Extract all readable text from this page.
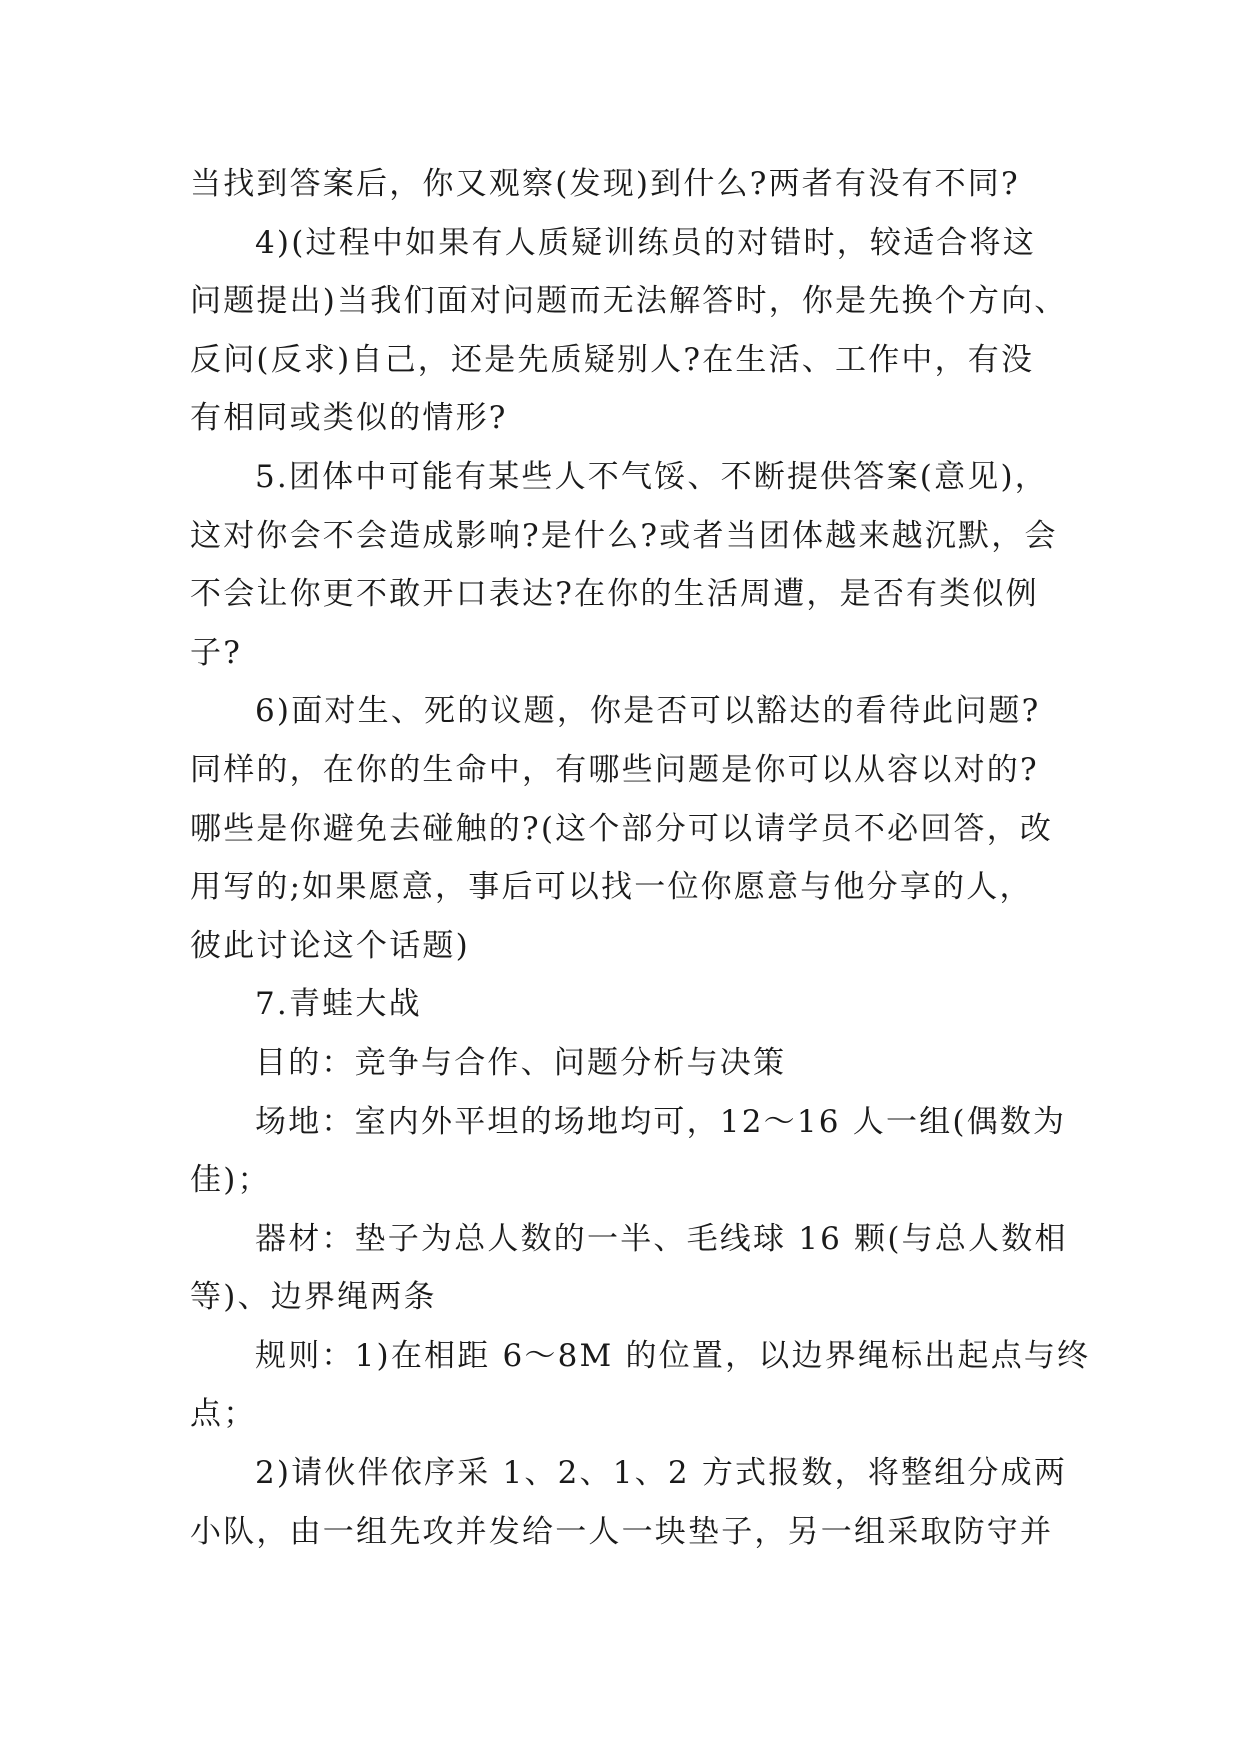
当找到答案后，你又观察(发现)到什么?两者有没有不同?
4)(过程中如果有人质疑训练员的对错时，较适合将这
问题提出)当我们面对问题而无法解答时，你是先换个方向、
反问(反求)自己，还是先质疑别人?在生活、工作中，有没
有相同或类似的情形?
5.团体中可能有某些人不气馁、不断提供答案(意见)，
这对你会不会造成影响?是什么?或者当团体越来越沉默，会
不会让你更不敢开口表达?在你的生活周遭，是否有类似例
子?
6)面对生、死的议题，你是否可以豁达的看待此问题?
同样的，在你的生命中，有哪些问题是你可以从容以对的?
哪些是你避免去碰触的?(这个部分可以请学员不必回答，改
用写的;如果愿意，事后可以找一位你愿意与他分享的人，
彼此讨论这个话题)
7.青蛙大战
目的：竞争与合作、问题分析与决策
场地：室内外平坦的场地均可，12～16 人一组(偶数为
佳)；
器材：垫子为总人数的一半、毛线球 16 颗(与总人数相
等)、边界绳两条
规则：1)在相距 6～8M 的位置，以边界绳标出起点与终
点；
2)请伙伴依序采 1、2、1、2 方式报数，将整组分成两
小队，由一组先攻并发给一人一块垫子，另一组采取防守并
